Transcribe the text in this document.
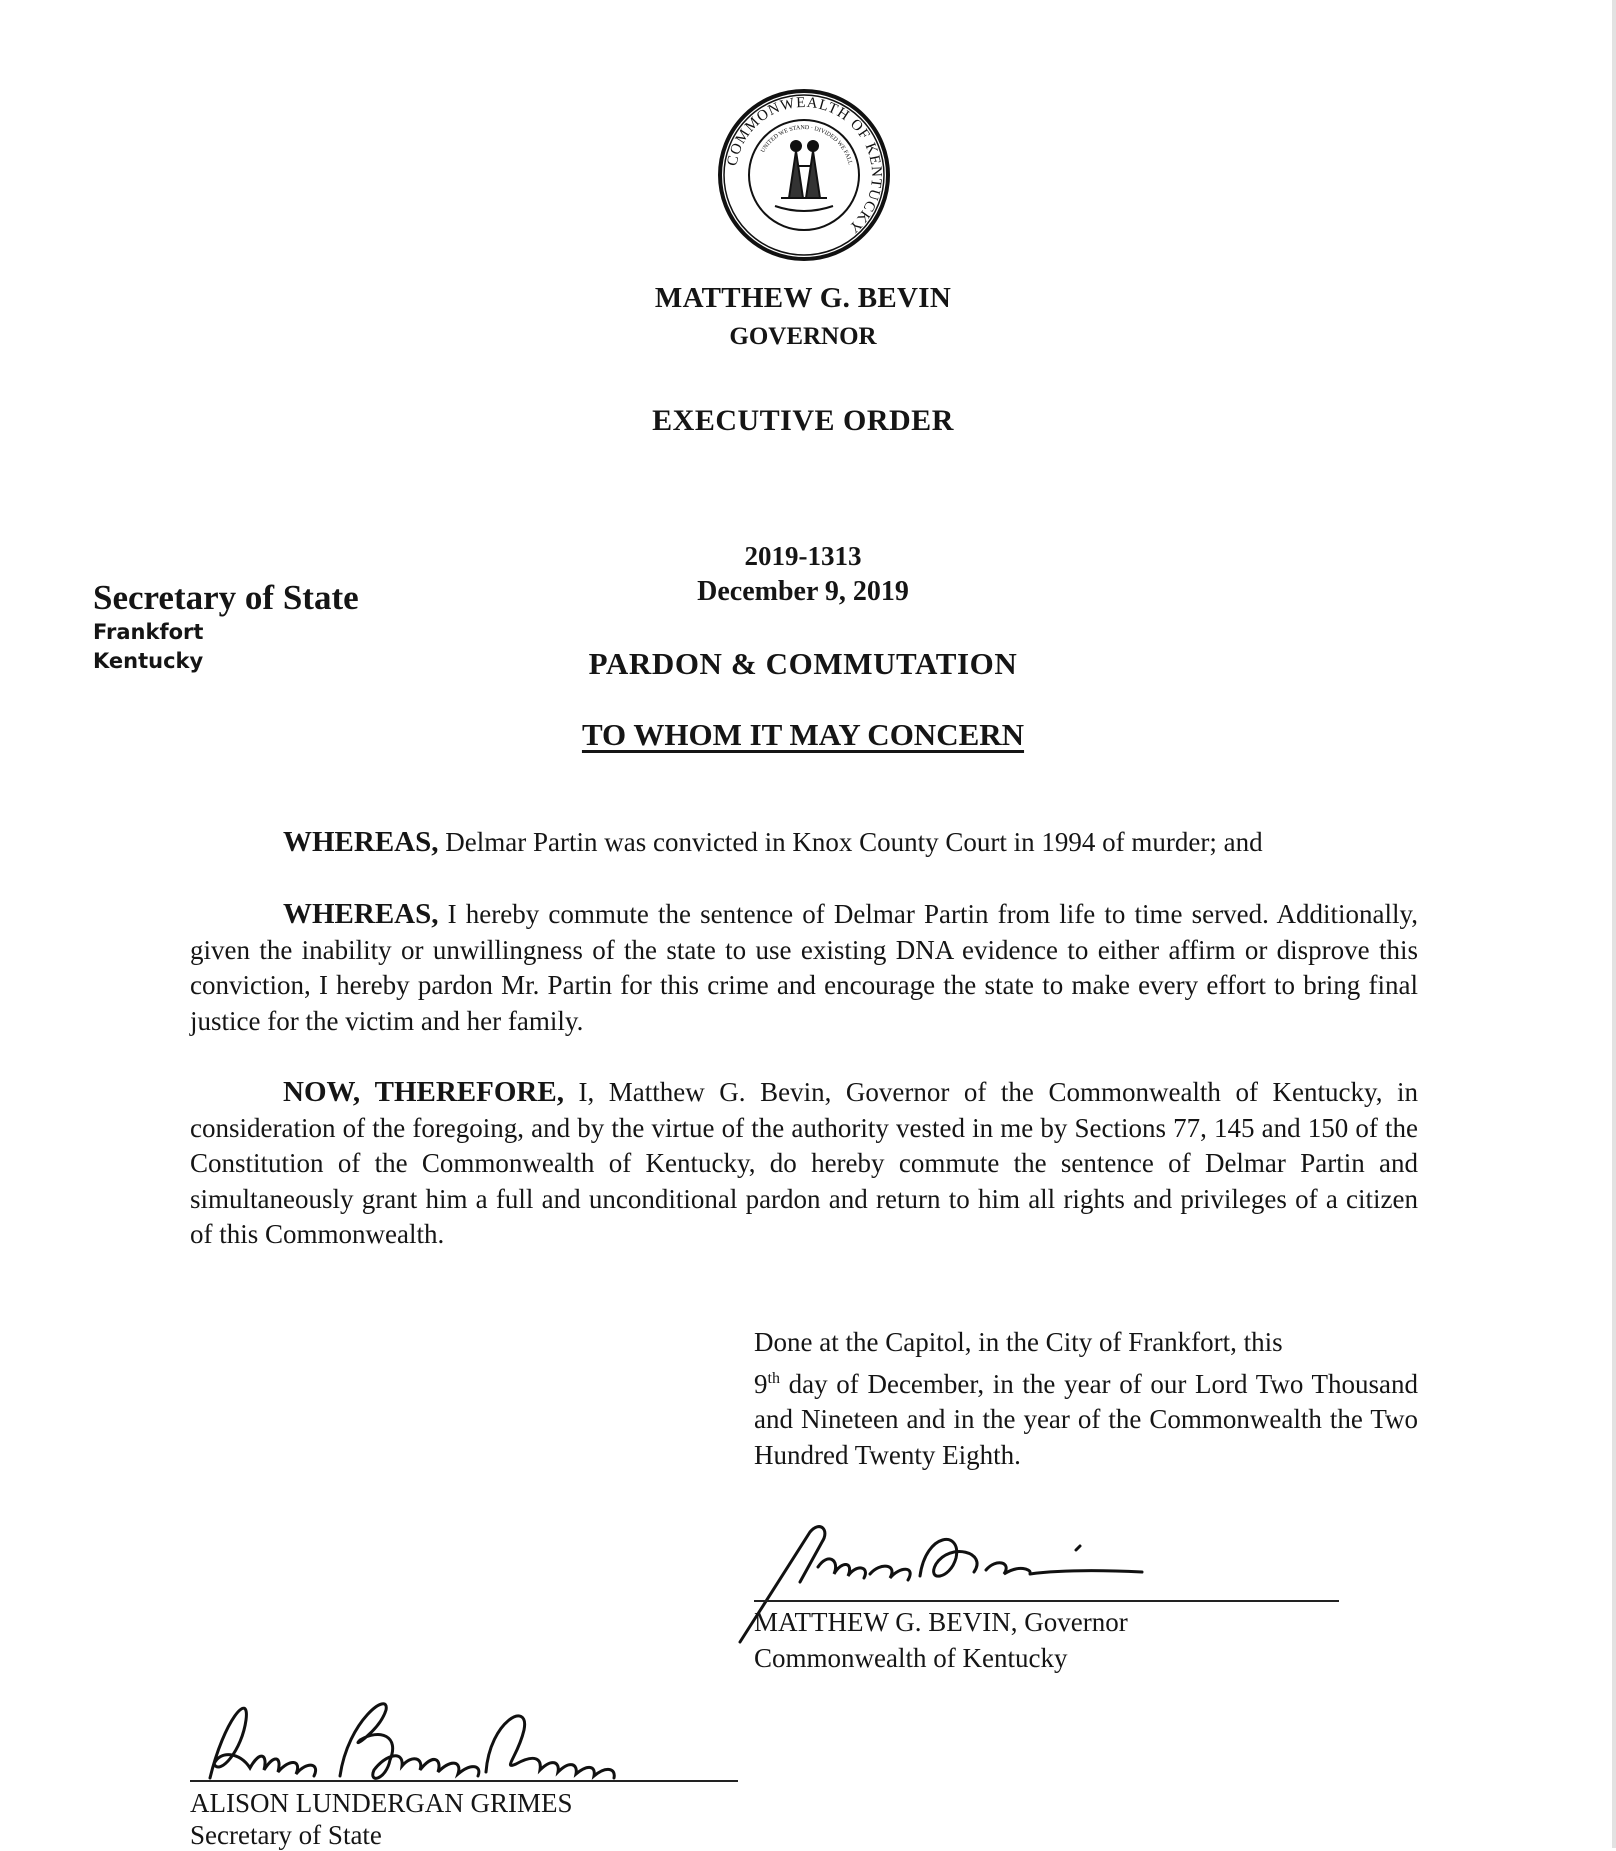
COMMONWEALTH OF KENTUCKY
UNITED WE STAND · DIVIDED WE FALL
MATTHEW G. BEVIN
GOVERNOR
EXECUTIVE ORDER
2019-1313
December 9, 2019
PARDON & COMMUTATION
TO WHOM IT MAY CONCERN
Secretary of State
Frankfort
Kentucky

WHEREAS, Delmar Partin was convicted in Knox County Court in 1994 of murder; and

WHEREAS, I hereby commute the sentence of Delmar Partin from life to time served. Additionally, given the inability or unwillingness of the state to use existing DNA evidence to either affirm or disprove this conviction, I hereby pardon Mr. Partin for this crime and encourage the state to make every effort to bring final justice for the victim and her family.

NOW, THEREFORE, I, Matthew G. Bevin, Governor of the Commonwealth of Kentucky, in consideration of the foregoing, and by the virtue of the authority vested in me by Sections 77, 145 and 150 of the Constitution of the Commonwealth of Kentucky, do hereby commute the sentence of Delmar Partin and simultaneously grant him a full and unconditional pardon and return to him all rights and privileges of a citizen of this Commonwealth.

Done at the Capitol, in the City of Frankfort, this
9th day of December, in the year of our Lord Two Thousand and Nineteen and in the year of the Commonwealth the Two Hundred Twenty Eighth.
MATTHEW G. BEVIN, Governor
Commonwealth of Kentucky
ALISON LUNDERGAN GRIMES
Secretary of State
